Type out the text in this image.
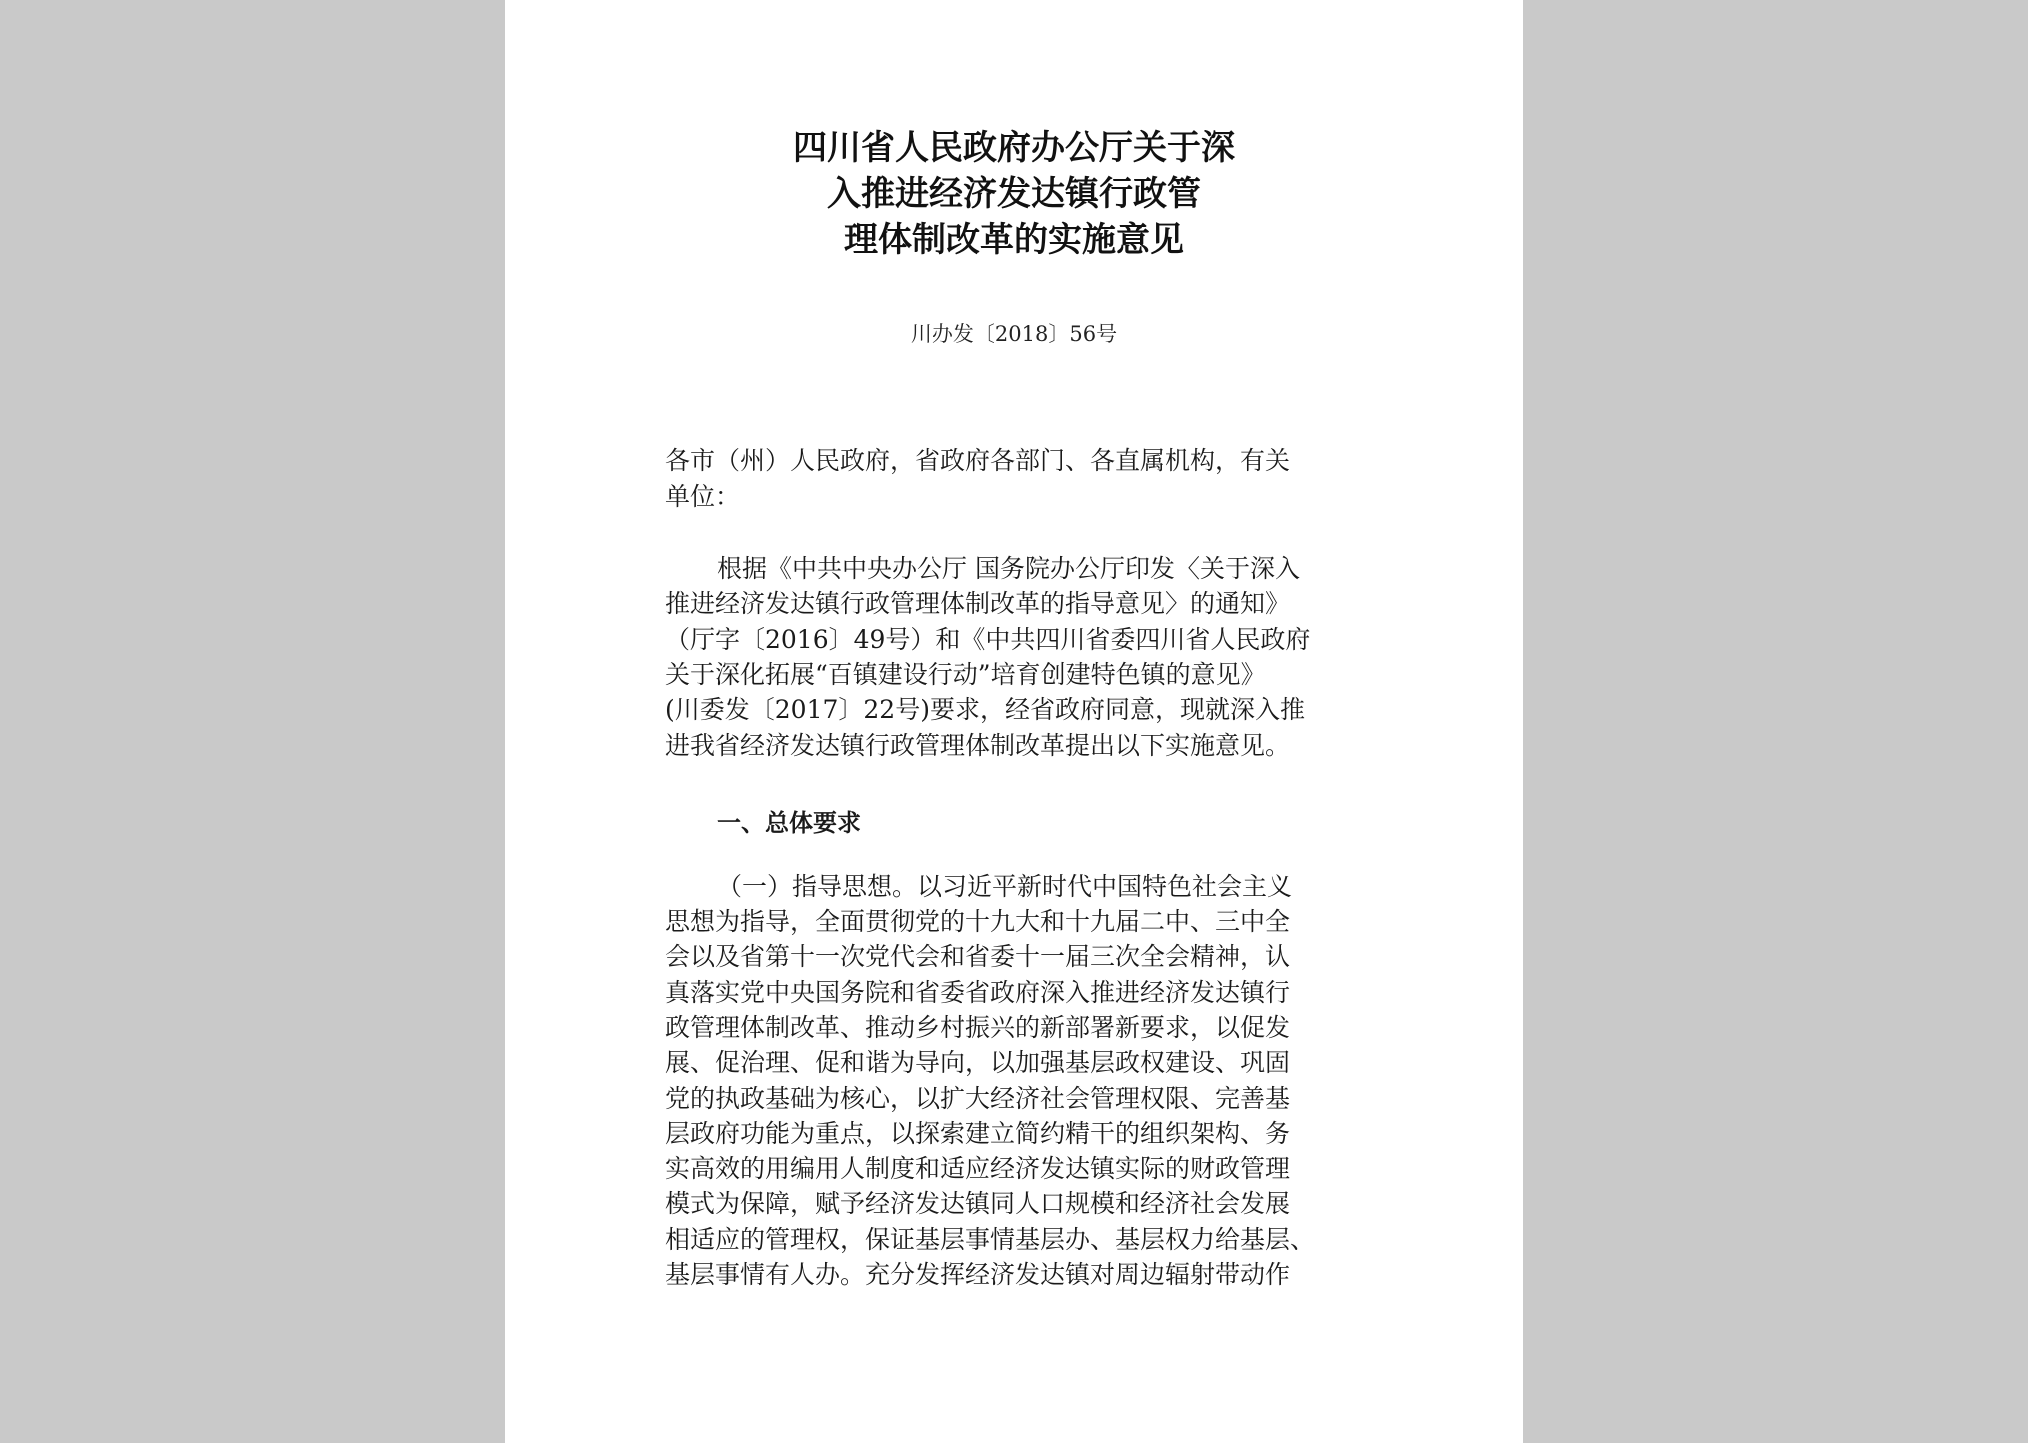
四川省人民政府办公厅关于深
入推进经济发达镇行政管
理体制改革的实施意见

川办发〔2018〕56号

各市（州）人民政府，省政府各部门、各直属机构，有关
单位：
根据《中共中央办公厅 国务院办公厅印发〈关于深入
推进经济发达镇行政管理体制改革的指导意见〉的通知》
（厅字〔2016〕49号）和《中共四川省委四川省人民政府
关于深化拓展“百镇建设行动”培育创建特色镇的意见》
(川委发〔2017〕22号)要求，经省政府同意，现就深入推
进我省经济发达镇行政管理体制改革提出以下实施意见。
一、总体要求
（一）指导思想。以习近平新时代中国特色社会主义
思想为指导，全面贯彻党的十九大和十九届二中、三中全
会以及省第十一次党代会和省委十一届三次全会精神，认
真落实党中央国务院和省委省政府深入推进经济发达镇行
政管理体制改革、推动乡村振兴的新部署新要求，以促发
展、促治理、促和谐为导向，以加强基层政权建设、巩固
党的执政基础为核心，以扩大经济社会管理权限、完善基
层政府功能为重点，以探索建立简约精干的组织架构、务
实高效的用编用人制度和适应经济发达镇实际的财政管理
模式为保障，赋予经济发达镇同人口规模和经济社会发展
相适应的管理权，保证基层事情基层办、基层权力给基层、
基层事情有人办。充分发挥经济发达镇对周边辐射带动作
